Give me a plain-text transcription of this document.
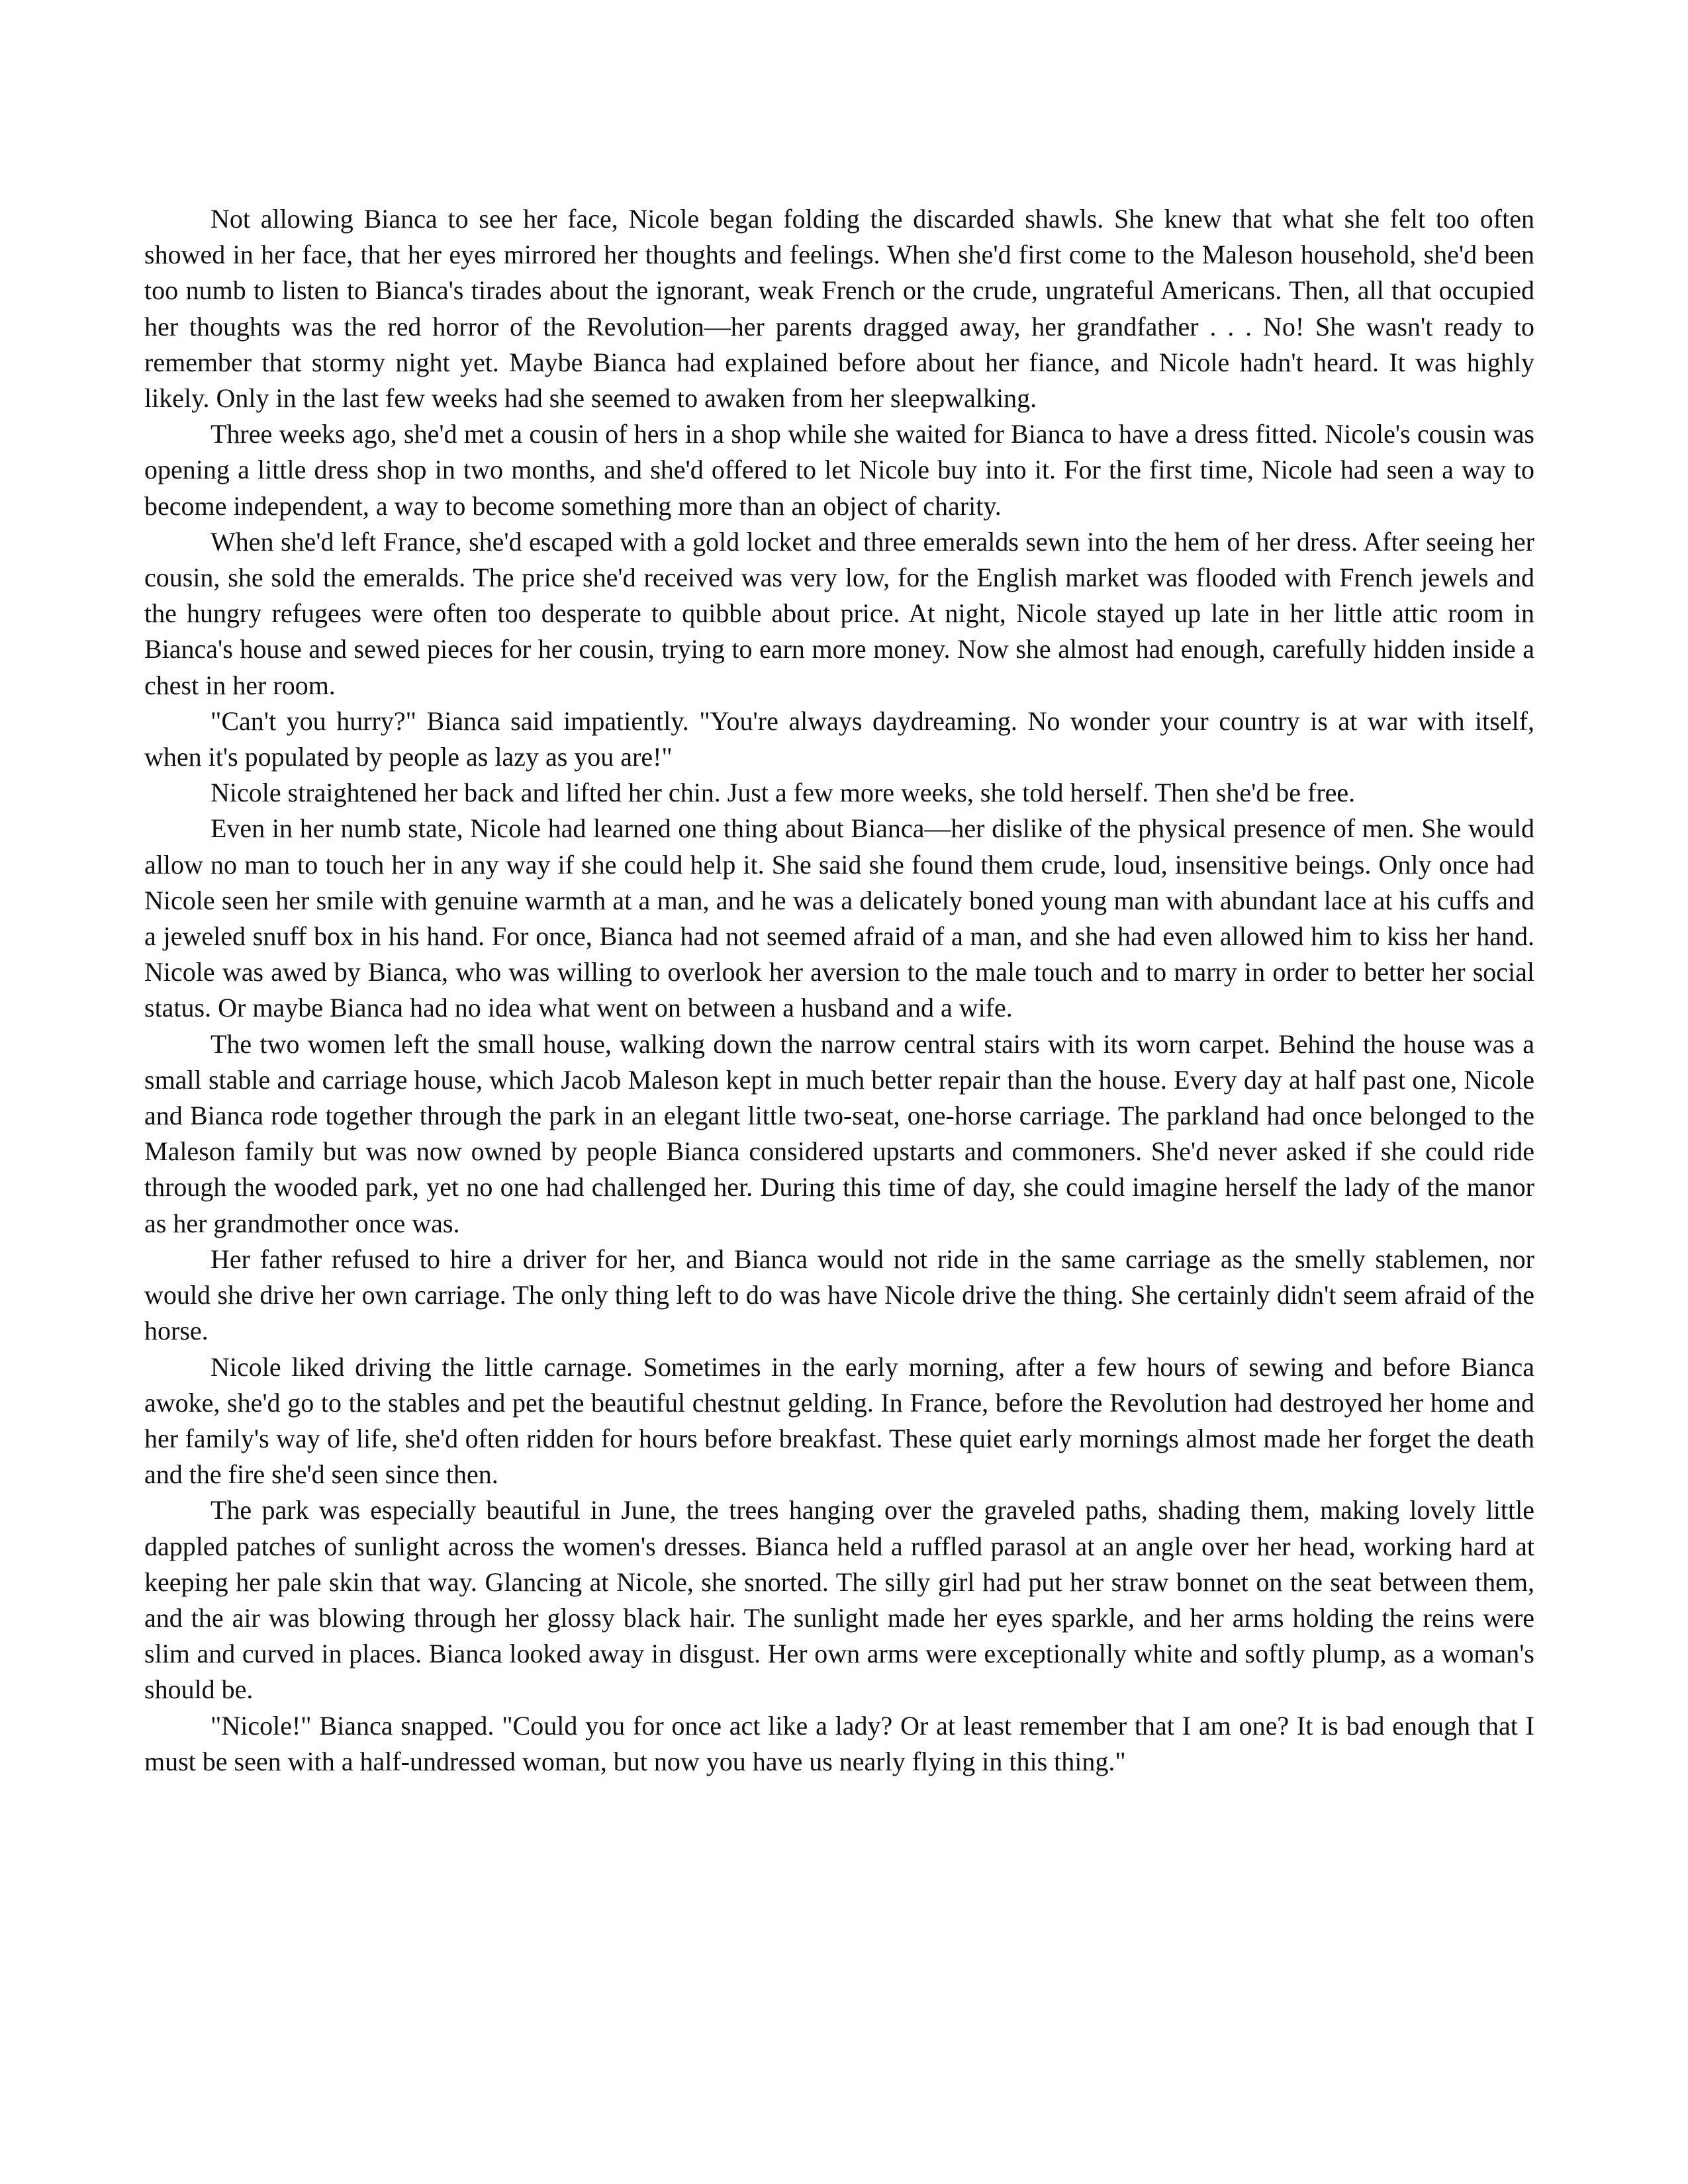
Not allowing Bianca to see her face, Nicole began folding the discarded shawls. She knew that what she felt too often showed in her face, that her eyes mirrored her thoughts and feelings. When she'd first come to the Maleson household, she'd been too numb to listen to Bianca's tirades about the ignorant, weak French or the crude, ungrateful Americans. Then, all that occupied her thoughts was the red horror of the Revolution—her parents dragged away, her grandfather . . . No! She wasn't ready to remember that stormy night yet. Maybe Bianca had explained before about her fiance, and Nicole hadn't heard. It was highly likely. Only in the last few weeks had she seemed to awaken from her sleepwalking.

Three weeks ago, she'd met a cousin of hers in a shop while she waited for Bianca to have a dress fitted. Nicole's cousin was opening a little dress shop in two months, and she'd offered to let Nicole buy into it. For the first time, Nicole had seen a way to become independent, a way to become something more than an object of charity.

When she'd left France, she'd escaped with a gold locket and three emeralds sewn into the hem of her dress. After seeing her cousin, she sold the emeralds. The price she'd received was very low, for the English market was flooded with French jewels and the hungry refugees were often too desperate to quibble about price. At night, Nicole stayed up late in her little attic room in Bianca's house and sewed pieces for her cousin, trying to earn more money. Now she almost had enough, carefully hidden inside a chest in her room.

"Can't you hurry?" Bianca said impatiently. "You're always daydreaming. No wonder your country is at war with itself, when it's populated by people as lazy as you are!"

Nicole straightened her back and lifted her chin. Just a few more weeks, she told herself. Then she'd be free.

Even in her numb state, Nicole had learned one thing about Bianca—her dislike of the physical presence of men. She would allow no man to touch her in any way if she could help it. She said she found them crude, loud, insensitive beings. Only once had Nicole seen her smile with genuine warmth at a man, and he was a delicately boned young man with abundant lace at his cuffs and a jeweled snuff box in his hand. For once, Bianca had not seemed afraid of a man, and she had even allowed him to kiss her hand. Nicole was awed by Bianca, who was willing to overlook her aversion to the male touch and to marry in order to better her social status. Or maybe Bianca had no idea what went on between a husband and a wife.

The two women left the small house, walking down the narrow central stairs with its worn carpet. Behind the house was a small stable and carriage house, which Jacob Maleson kept in much better repair than the house. Every day at half past one, Nicole and Bianca rode together through the park in an elegant little two-seat, one-horse carriage. The parkland had once belonged to the Maleson family but was now owned by people Bianca considered upstarts and commoners. She'd never asked if she could ride through the wooded park, yet no one had challenged her. During this time of day, she could imagine herself the lady of the manor as her grandmother once was.

Her father refused to hire a driver for her, and Bianca would not ride in the same carriage as the smelly stablemen, nor would she drive her own carriage. The only thing left to do was have Nicole drive the thing. She certainly didn't seem afraid of the horse.

Nicole liked driving the little carnage. Sometimes in the early morning, after a few hours of sewing and before Bianca awoke, she'd go to the stables and pet the beautiful chestnut gelding. In France, before the Revolution had destroyed her home and her family's way of life, she'd often ridden for hours before breakfast. These quiet early mornings almost made her forget the death and the fire she'd seen since then.

The park was especially beautiful in June, the trees hanging over the graveled paths, shading them, making lovely little dappled patches of sunlight across the women's dresses. Bianca held a ruffled parasol at an angle over her head, working hard at keeping her pale skin that way. Glancing at Nicole, she snorted. The silly girl had put her straw bonnet on the seat between them, and the air was blowing through her glossy black hair. The sunlight made her eyes sparkle, and her arms holding the reins were slim and curved in places. Bianca looked away in disgust. Her own arms were exceptionally white and softly plump, as a woman's should be.

"Nicole!" Bianca snapped. "Could you for once act like a lady? Or at least remember that I am one? It is bad enough that I must be seen with a half-undressed woman, but now you have us nearly flying in this thing."
